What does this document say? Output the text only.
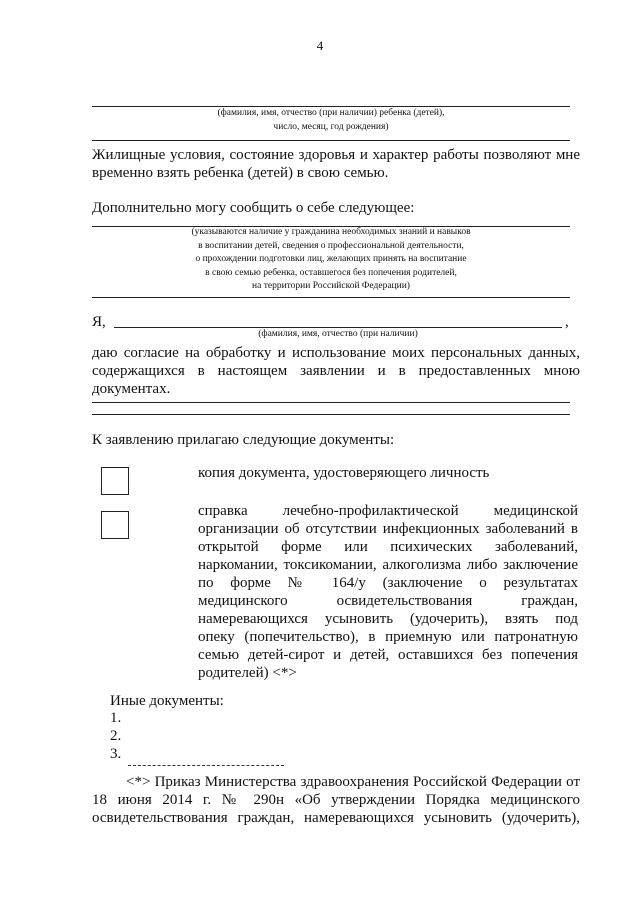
4
(фамилия, имя, отчество (при наличии) ребенка (детей),
число, месяц, год рождения)
Жилищные условия, состояние здоровья и характер работы позволяют мне
временно взять ребенка (детей) в свою семью.
Дополнительно могу сообщить о себе следующее:
(указываются наличие у гражданина необходимых знаний и навыков
в воспитании детей, сведения о профессиональной деятельности,
о прохождении подготовки лиц, желающих принять на воспитание
в свою семью ребенка, оставшегося без попечения родителей,
на территории Российской Федерации)
Я,	,
(фамилия, имя, отчество (при наличии)
даю согласие на обработку и использование моих персональных данных,
содержащихся в настоящем заявлении и в предоставленных мною
документах.
К заявлению прилагаю следующие документы:
копия документа, удостоверяющего личность
справка лечебно-профилактической медицинской
организации об отсутствии инфекционных заболеваний в
открытой форме или психических заболеваний,
наркомании, токсикомании, алкоголизма либо заключение
по форме № 164/у (заключение о результатах
медицинского освидетельствования граждан,
намеревающихся усыновить (удочерить), взять под
опеку (попечительство), в приемную или патронатную
семью детей-сирот и детей, оставшихся без попечения
родителей) <*>
Иные документы:
1.
2.
3.
<*> Приказ Министерства здравоохранения Российской Федерации от
18 июня 2014 г. № 290н «Об утверждении Порядка медицинского
освидетельствования граждан, намеревающихся усыновить (удочерить),
